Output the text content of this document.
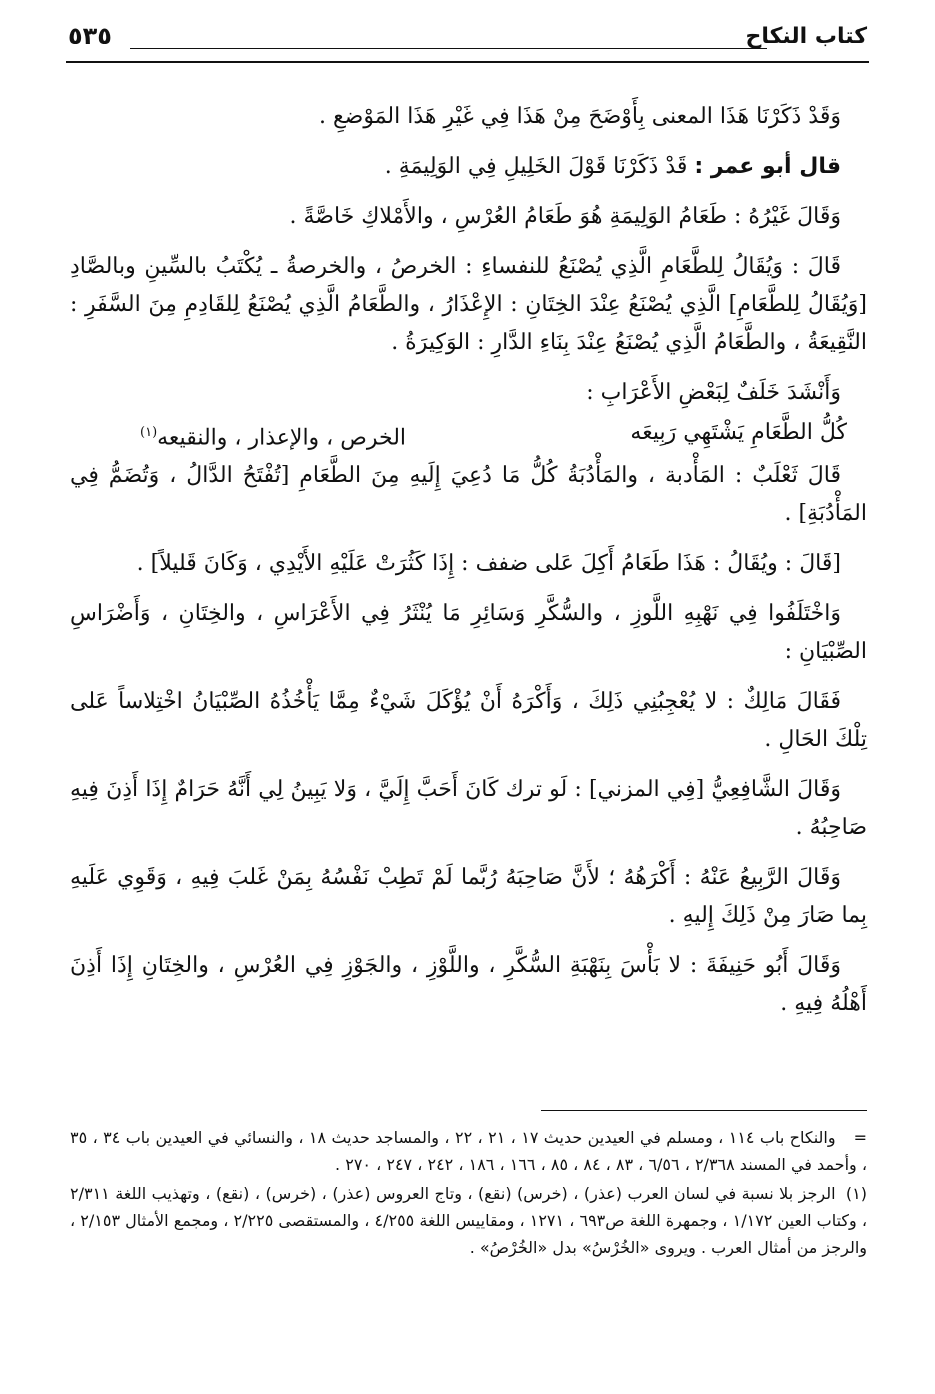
كتاب النكاح
٥٣٥

وَقَدْ ذَكَرْنَا هَذَا المعنى بِأَوْضَحَ مِنْ هَذَا فِي غَيْرِ هَذَا المَوْضعِ .

قال أبو عمر : قَدْ ذَكَرْنَا قَوْلَ الخَلِيلِ فِي الوَلِيمَةِ .

وَقَالَ غَيْرُهُ : طَعَامُ الوَلِيمَةِ هُوَ طَعَامُ العُرْسِ ، والأَمْلاكِ خَاصَّةً .

قَالَ : وَيُقَالُ لِلطَّعَامِ الَّذِي يُصْنَعُ للنفساءِ : الخرصُ ، والخرصةُ ـ يُكْتَبُ بالسِّينِ وبالصَّادِ [وَيُقَالُ لِلطَّعَامِ] الَّذِي يُصْنَعُ عِنْدَ الخِتَانِ : الإِعْذَارُ ، والطَّعَامُ الَّذِي يُصْنَعُ لِلقَادِمِ مِنَ السَّفَرِ : النَّقِيعَةُ ، والطَّعَامُ الَّذِي يُصْنَعُ عِنْدَ بِنَاءِ الدَّارِ : الوَكِيرَةُ .

وَأَنْشَدَ خَلَفٌ لِبَعْضِ الأَعْرَابِ :

كُلُّ الطَّعَامِ يَشْتَهِي رَبِيعَه
الخرص ، والإعذار ، والنقيعه$^{(١)}$

قَالَ ثَعْلَبٌ : المَأْدبة ، والمَأْدُبَةُ كُلُّ مَا دُعِيَ إِلَيهِ مِنَ الطَّعَامِ [تُفْتَحُ الدَّالُ ، وَتُضَمُّ فِي المَأْدُبَةِ] .

[قَالَ : ويُقَالُ : هَذَا طَعَامُ أَكِلَ عَلى ضفف : إِذَا كَثُرَتْ عَلَيْهِ الأَيْدِي ، وَكَانَ قَليلاً] .

وَاخْتَلَفُوا فِي نَهْبِهِ اللَّوزِ ، والسُّكَّرِ وَسَائِرِ مَا يُنْثَرُ فِي الأَعْرَاسِ ، والخِتَانِ ، وَأَضْرَاسِ الصِّبْيَانِ :

فَقَالَ مَالِكٌ : لا يُعْجِبُنِي ذَلِكَ ، وَأَكْرَهُ أَنْ يُؤْكَلَ شَيْءٌ مِمَّا يَأْخُذُهُ الصِّبْيَانُ اخْتِلاساً عَلى تِلْكَ الحَالِ .

وَقَالَ الشَّافِعِيُّ [فِي المزني] : لَو ترك كَانَ أَحَبَّ إِلَيَّ ، وَلا يَبِينُ لِي أَنَّهُ حَرَامٌ إِذَا أَذِنَ فِيهِ صَاحِبُهُ .

وَقَالَ الرَّبِيعُ عَنْهُ : أَكْرَهُهُ ؛ لأَنَّ صَاحِبَهُ رُبَّما لَمْ تَطِبْ نَفْسُهُ بِمَنْ غَلبَ فِيهِ ، وَقَوِي عَلَيهِ بِما صَارَ مِنْ ذَلِكَ إِليهِ .

وَقَالَ أَبُو حَنِيفَةَ : لا بَأْسَ بِنَهْبَةِ السُّكَّرِ ، واللَّوْزِ ، والجَوْزِ فِي العُرْسِ ، والخِتَانِ إِذَا أَذِنَ أَهْلُهُ فِيهِ .

= والنكاح باب ١١٤ ، ومسلم في العيدين حديث ١٧ ، ٢١ ، ٢٢ ، والمساجد حديث ١٨ ، والنسائي في العيدين باب ٣٤ ، ٣٥ ، وأحمد في المسند ٢/٣٦٨ ، ٦/٥٦ ، ٨٣ ، ٨٤ ، ٨٥ ، ١٦٦ ، ١٨٦ ، ٢٤٢ ، ٢٤٧ ، ٢٧٠ .

(١) الرجز بلا نسبة في لسان العرب (عذر) ، (خرس) (نقع) ، وتاج العروس (عذر) ، (خرس) ، (نقع) ، وتهذيب اللغة ٢/٣١١ ، وكتاب العين ١/١٧٢ ، وجمهرة اللغة ص٦٩٣ ، ١٢٧١ ، ومقاييس اللغة ٤/٢٥٥ ، والمستقصى ٢/٢٢٥ ، ومجمع الأمثال ٢/١٥٣ ، والرجز من أمثال العرب . ويروى «الخُرْسُ» بدل «الخُرْصُ» .
